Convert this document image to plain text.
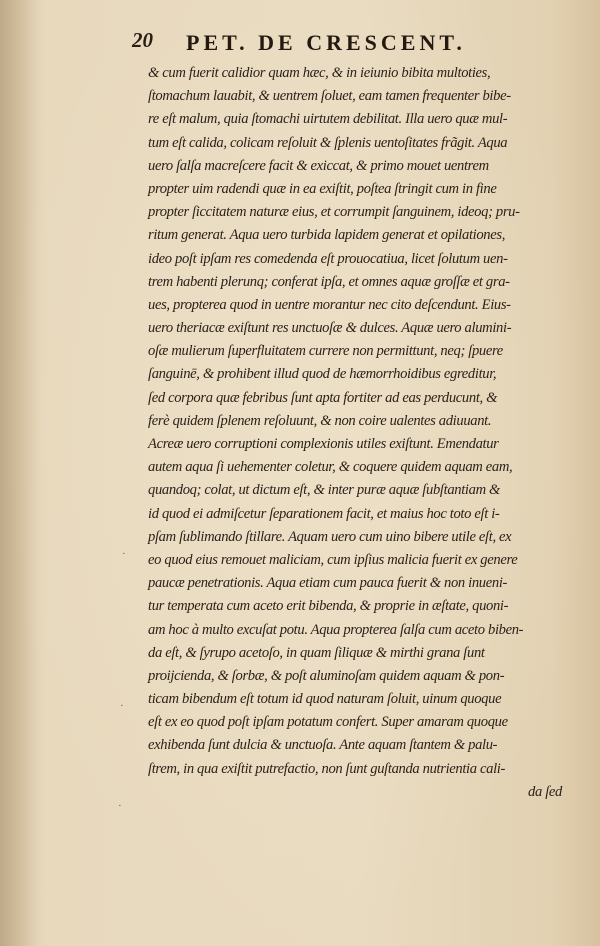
20 PET. DE CRESCENT.
& cum fuerit calidior quam hæc, & in ieiunio bibita multoties,
ſtomachum lauabit, & uentrem ſoluet, eam tamen frequenter bibe-
re eſt malum, quia ſtomachi uirtutem debilitat. Illa uero quæ mul-
tum eſt calida, colicam reſoluit & ſplenis uentoſitates frãgit. Aqua
uero ſalſa macreſcere facit & exiccat, & primo mouet uentrem
propter uim radendi quæ in ea exiſtit, poſtea ſtringit cum in fine
propter ſiccitatem naturæ eius, et corrumpit ſanguinem, ideoq; pru-
ritum generat. Aqua uero turbida lapidem generat et opilationes,
ideo poſt ipſam res comedenda eſt prouocatiua, licet ſolutum uen-
trem habenti plerunq; conferat ipſa, et omnes aquæ groſſæ et gra-
ues, propterea quod in uentre morantur nec cito deſcendunt. Eius-
uero theriacæ exiſtunt res unctuoſæ & dulces. Aquæ uero alumini-
oſæ mulierum ſuperfluitatem currere non permittunt, neq; ſpuere
ſanguinē, & prohibent illud quod de hæmorrhoidibus egreditur,
ſed corpora quæ febribus ſunt apta fortiter ad eas perducunt, &
ferè quidem ſplenem reſoluunt, & non coire ualentes adiuuant.
Acreæ uero corruptioni complexionis utiles exiſtunt. Emendatur
autem aqua ſi uehementer coletur, & coquere quidem aquam eam,
quandoq; colat, ut dictum eſt, & inter puræ aquæ ſubſtantiam &
id quod ei admiſcetur ſeparationem facit, et maius hoc toto eſt i-
pſam ſublimando ſtillare. Aquam uero cum uino bibere utile eſt, ex
eo quod eius remouet maliciam, cum ipſius malicia fuerit ex genere
paucæ penetrationis. Aqua etiam cum pauca fuerit & non inueni-
tur temperata cum aceto erit bibenda, & proprie in æſtate, quoni-
am hoc à multo excuſat potu. Aqua propterea ſalſa cum aceto biben-
da eſt, & ſyrupo acetoſo, in quam ſiliquæ & mirthi grana ſunt
proijcienda, & ſorbæ, & poſt aluminoſam quidem aquam & pon-
ticam bibendum eſt totum id quod naturam ſoluit, uinum quoque
eſt ex eo quod poſt ipſam potatum confert. Super amaram quoque
exhibenda ſunt dulcia & unctuoſa. Ante aquam ſtantem & palu-
ſtrem, in qua exiſtit putrefactio, non ſunt guſtanda nutrientia cali-
da ſed
·
·
·
